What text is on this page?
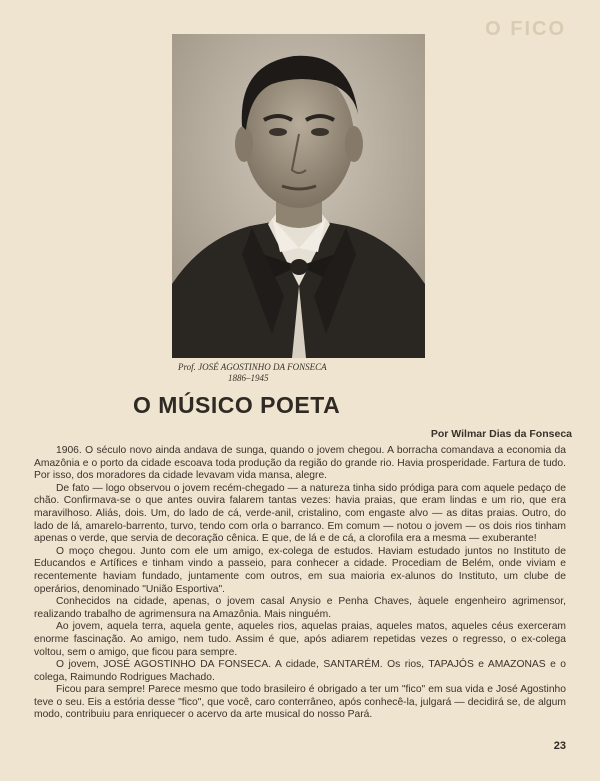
O FICO
Prof. JOSÉ AGOSTINHO DA FONSECA
1886–1945
O MÚSICO POETA
Por Wilmar Dias da Fonseca

1906. O século novo ainda andava de sunga, quando o jovem chegou. A borracha comandava a economia da Amazônia e o porto da cidade escoava toda produção da região do grande rio. Havia prosperidade. Fartura de tudo. Por isso, dos moradores da cidade levavam vida mansa, alegre.

De fato — logo observou o jovem recém-chegado — a natureza tinha sido pródiga para com aquele pedaço de chão. Confirmava-se o que antes ouvira falarem tantas vezes: havia praias, que eram lindas e um rio, que era maravilhoso. Aliás, dois. Um, do lado de cá, verde-anil, cristalino, com engaste alvo — as ditas praias. Outro, do lado de lá, amarelo-barrento, turvo, tendo com orla o barranco. Em comum — notou o jovem — os dois rios tinham apenas o verde, que servia de decoração cênica. E que, de lá e de cá, a clorofila era a mesma — exuberante!

O moço chegou. Junto com ele um amigo, ex-colega de estudos. Haviam estudado juntos no Instituto de Educandos e Artífices e tinham vindo a passeio, para conhecer a cidade. Procediam de Belém, onde viviam e recentemente haviam fundado, juntamente com outros, em sua maioria ex-alunos do Instituto, um clube de operários, denominado "União Esportiva".

Conhecidos na cidade, apenas, o jovem casal Anysio e Penha Chaves, àquele engenheiro agrimensor, realizando trabalho de agrimensura na Amazônia. Mais ninguém.

Ao jovem, aquela terra, aquela gente, aqueles rios, aquelas praias, aqueles matos, aqueles céus exerceram enorme fascinação. Ao amigo, nem tudo. Assim é que, após adiarem repetidas vezes o regresso, o ex-colega voltou, sem o amigo, que ficou para sempre.

O jovem, JOSÉ AGOSTINHO DA FONSECA. A cidade, SANTARÉM. Os rios, TAPAJÓS e AMAZONAS e o colega, Raimundo Rodrigues Machado.

Ficou para sempre! Parece mesmo que todo brasileiro é obrigado a ter um "fico" em sua vida e José Agostinho teve o seu. Eis a estória desse "fico", que você, caro conterrâneo, após conhecê-la, julgará — decidirá se, de algum modo, contribuiu para enriquecer o acervo da arte musical do nosso Pará.

23
